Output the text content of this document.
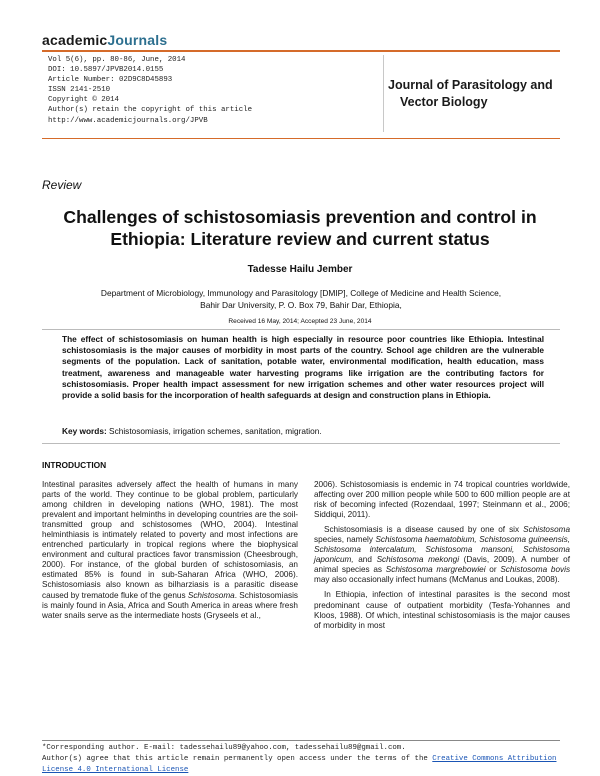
academicJournals
Vol 5(6), pp. 80-86, June, 2014
DOI: 10.5897/JPVB2014.0155
Article Number: 02D9C8D45893
ISSN 2141-2510
Copyright © 2014
Author(s) retain the copyright of this article
http://www.academicjournals.org/JPVB
Journal of Parasitology and
Vector Biology
Review
Challenges of schistosomiasis prevention and control in Ethiopia: Literature review and current status
Tadesse Hailu Jember
Department of Microbiology, Immunology and Parasitology [DMIP], College of Medicine and Health Science,
Bahir Dar University, P. O. Box 79, Bahir Dar, Ethiopia,
Received 16 May, 2014; Accepted 23 June, 2014
The effect of schistosomiasis on human health is high especially in resource poor countries like Ethiopia. Intestinal schistosomiasis is the major causes of morbidity in most parts of the country. School age children are the vulnerable segments of the population. Lack of sanitation, potable water, environmental modification, health education, mass treatment, awareness and manageable water harvesting programs like irrigation are the contributing factors for schistosomiasis. Proper health impact assessment for new irrigation schemes and other water resources project will provide a solid basis for the incorporation of health safeguards at design and construction plans in Ethiopia.
Key words: Schistosomiasis, irrigation schemes, sanitation, migration.
INTRODUCTION

Intestinal parasites adversely affect the health of humans in many parts of the world. They continue to be global problem, particularly among children in developing nations (WHO, 1981). The most prevalent and important helminths in developing countries are the soil-transmitted group and schistosomes (WHO, 2004). Intestinal helminthiasis is intimately related to poverty and most infections are entrenched particularly in tropical regions where the biophysical environment and cultural practices favor transmission (Cheesbrough, 2000). For instance, of the global burden of schistosomiasis, an estimated 85% is found in sub-Saharan Africa (WHO, 2006). Schistosomiasis also known as bilharziasis is a parasitic disease caused by trematode fluke of the genus Schistosoma. Schistosomiasis is mainly found in Asia, Africa and South America in areas where fresh water snails serve as the intermediate hosts (Gryseels et al.,

2006). Schistosomiasis is endemic in 74 tropical countries worldwide, affecting over 200 million people while 500 to 600 million people are at risk of becoming infected (Rozendaal, 1997; Steinmann et al., 2006; Siddiqui, 2011).

Schistosomiasis is a disease caused by one of six Schistosoma species, namely Schistosoma haematobium, Schistosoma guineensis, Schistosoma intercalatum, Schistosoma mansoni, Schistosoma japonicum, and Schistosoma mekongi (Davis, 2009). A number of animal species as Schistosoma margrebowiei or Schistosoma bovis may also occasionally infect humans (McManus and Loukas, 2008).

In Ethiopia, infection of intestinal parasites is the second most predominant cause of outpatient morbidity (Tesfa-Yohannes and Kloos, 1988). Of which, intestinal schistosomiasis is the major causes of morbidity in most

*Corresponding author. E-mail: tadessehailu89@yahoo.com, tadessehailu89@gmail.com.
Author(s) agree that this article remain permanently open access under the terms of the Creative Commons Attribution
License 4.0 International License
